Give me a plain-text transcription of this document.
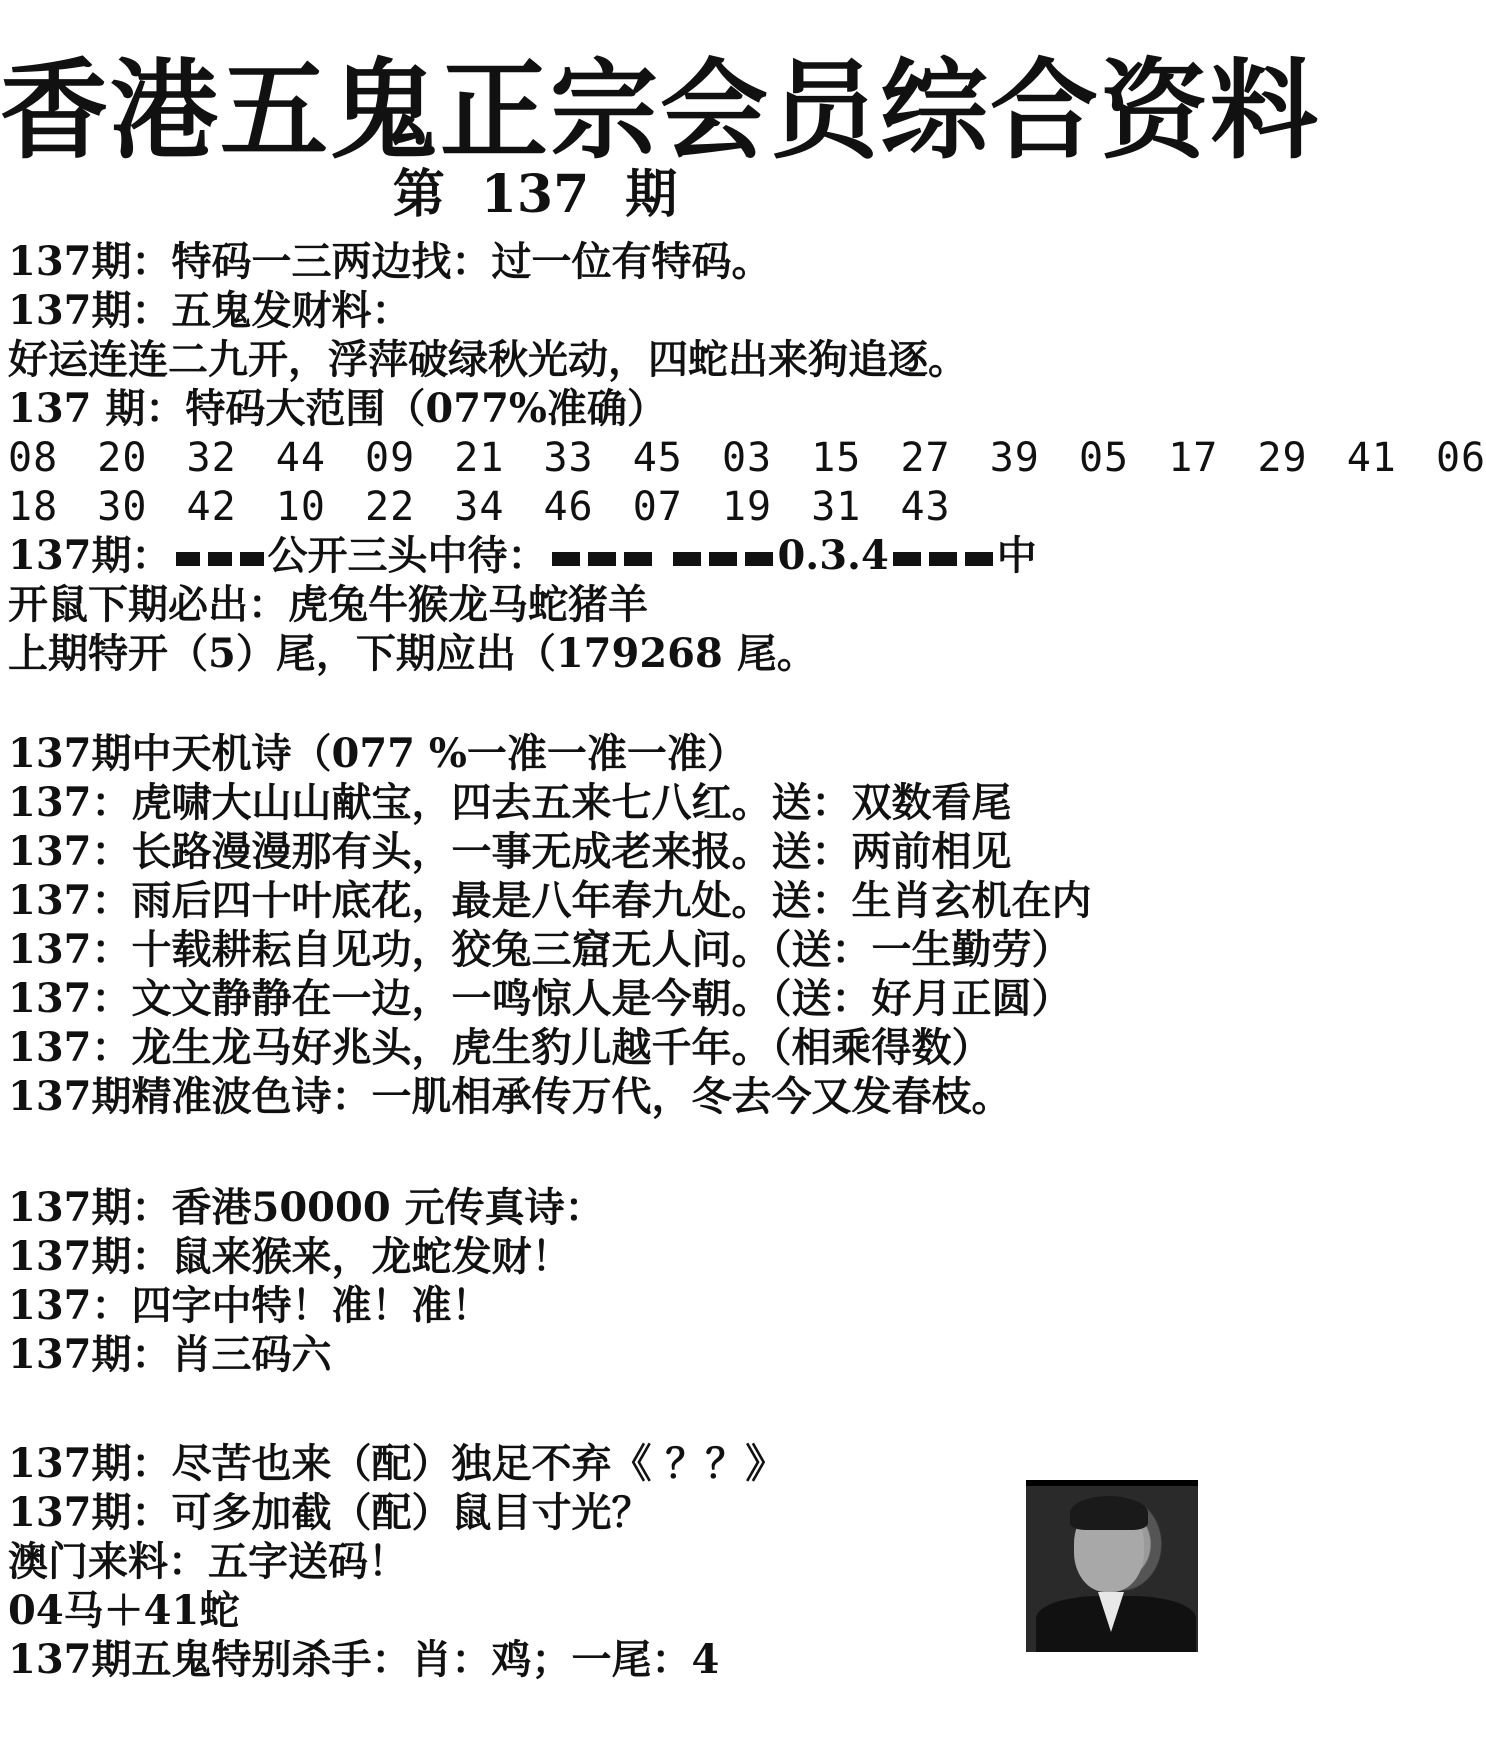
香港五鬼正宗会员综合资料
第 137 期
137期：特码一三两边找：过一位有特码。
137期：五鬼发财料：
好运连连二九开，浮萍破绿秋光动，四蛇出来狗追逐。
137 期：特码大范围（077%准确）
08 20 32 44 09 21 33 45 03 15 27 39 05 17 29 41 06
18 30 42 10 22 34 46 07 19 31 43
137期： 公开三头中待：	0.3.4	中
开鼠下期必出：虎兔牛猴龙马蛇猪羊
上期特开（5）尾，下期应出（179268 尾。
137期中天机诗（077 %一准一准一准）
137：虎啸大山山献宝，四去五来七八红。送：双数看尾
137：长路漫漫那有头，一事无成老来报。送：两前相见
137：雨后四十叶底花，最是八年春九处。送：生肖玄机在内
137：十载耕耘自见功，狡兔三窟无人问。（送：一生勤劳）
137：文文静静在一边，一鸣惊人是今朝。（送：好月正圆）
137：龙生龙马好兆头，虎生豹儿越千年。（相乘得数）
137期精准波色诗：一肌相承传万代，冬去今又发春枝。
137期：香港50000 元传真诗：
137期：鼠来猴来，龙蛇发财！
137：四字中特！准！准！
137期：肖三码六
137期：尽苦也来（配）独足不弃《 ？？》
137期：可多加截（配）鼠目寸光？
澳门来料：五字送码！
04马＋41蛇
137期五鬼特别杀手：肖：鸡；一尾：4
